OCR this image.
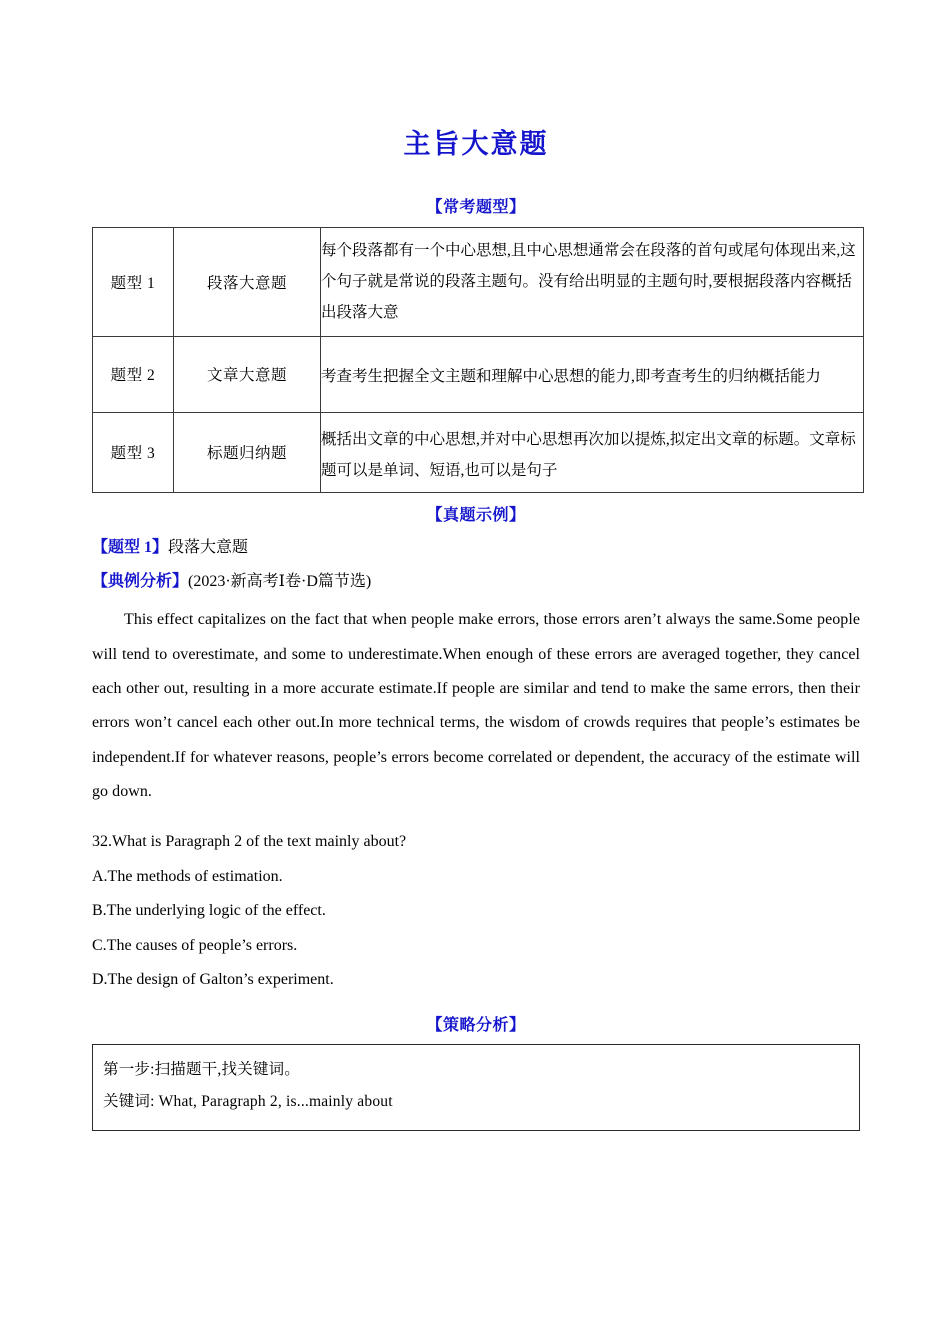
主旨大意题
【常考题型】
题型 1	段落大意题	每个段落都有一个中心思想,且中心思想通常会在段落的首句或尾句体现出来,这个句子就是常说的段落主题句。没有给出明显的主题句时,要根据段落内容概括出段落大意
题型 2	文章大意题	考查考生把握全文主题和理解中心思想的能力,即考查考生的归纳概括能力
题型 3	标题归纳题	概括出文章的中心思想,并对中心思想再次加以提炼,拟定出文章的标题。文章标题可以是单词、短语,也可以是句子
【真题示例】
【题型 1】段落大意题
【典例分析】(2023·新高考Ⅰ卷·D篇节选)

This effect capitalizes on the fact that when people make errors, those errors aren’t always the same.Some people will tend to overestimate, and some to underestimate.When enough of these errors are averaged together, they cancel each other out, resulting in a more accurate estimate.If people are similar and tend to make the same errors, then their errors won’t cancel each other out.In more technical terms, the wisdom of crowds requires that people’s estimates be independent.If for whatever reasons, people’s errors become correlated or dependent, the accuracy of the estimate will go down.

32.What is Paragraph 2 of the text mainly about?
A.The methods of estimation.
B.The underlying logic of the effect.
C.The causes of people’s errors.
D.The design of Galton’s experiment.
【策略分析】
第一步:扫描题干,找关键词。
关键词: What, Paragraph 2, is...mainly about
